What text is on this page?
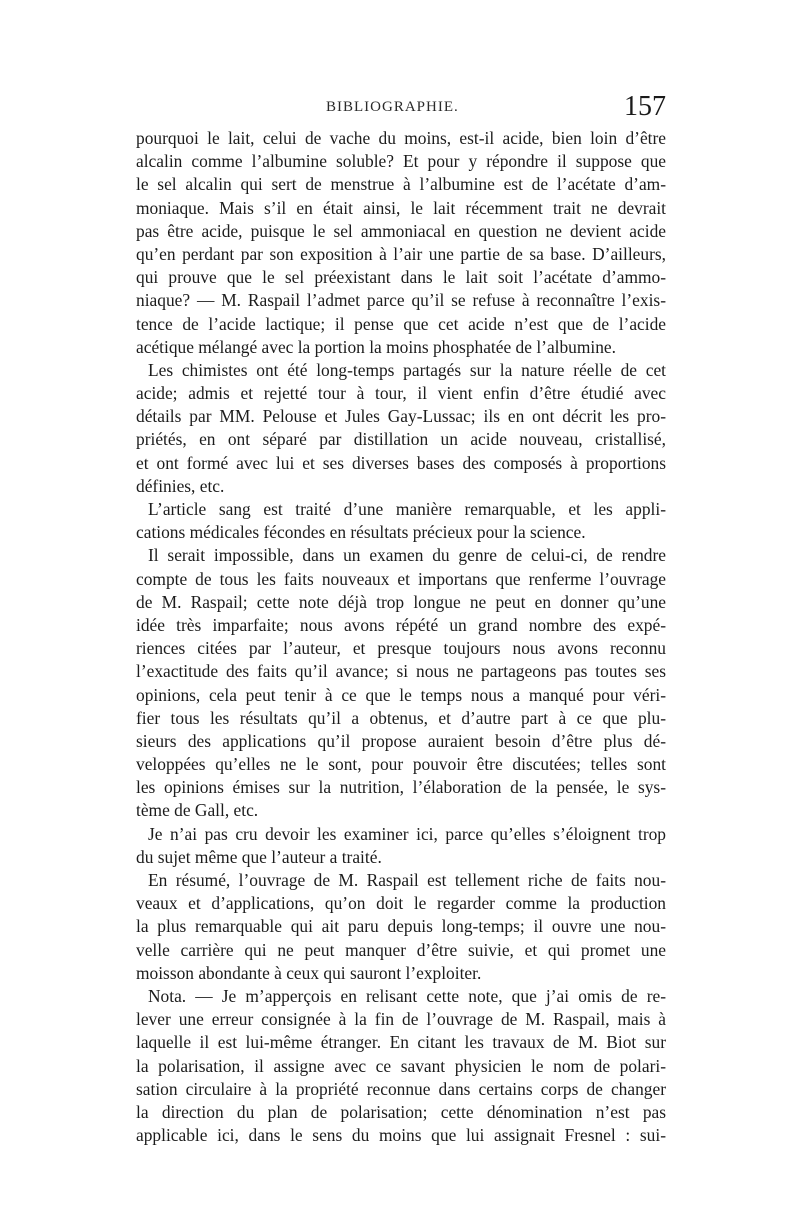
BIBLIOGRAPHIE.	157
pourquoi le lait, celui de vache du moins, est-il acide, bien loin d’être
alcalin comme l’albumine soluble? Et pour y répondre il suppose que
le sel alcalin qui sert de menstrue à l’albumine est de l’acétate d’am-
moniaque. Mais s’il en était ainsi, le lait récemment trait ne devrait
pas être acide, puisque le sel ammoniacal en question ne devient acide
qu’en perdant par son exposition à l’air une partie de sa base. D’ailleurs,
qui prouve que le sel préexistant dans le lait soit l’acétate d’ammo-
niaque? — M. Raspail l’admet parce qu’il se refuse à reconnaître l’exis-
tence de l’acide lactique; il pense que cet acide n’est que de l’acide
acétique mélangé avec la portion la moins phosphatée de l’albumine.
Les chimistes ont été long-temps partagés sur la nature réelle de cet
acide; admis et rejetté tour à tour, il vient enfin d’être étudié avec
détails par MM. Pelouse et Jules Gay-Lussac; ils en ont décrit les pro-
priétés, en ont séparé par distillation un acide nouveau, cristallisé,
et ont formé avec lui et ses diverses bases des composés à proportions
définies, etc.
L’article sang est traité d’une manière remarquable, et les appli-
cations médicales fécondes en résultats précieux pour la science.
Il serait impossible, dans un examen du genre de celui-ci, de rendre
compte de tous les faits nouveaux et importans que renferme l’ouvrage
de M. Raspail; cette note déjà trop longue ne peut en donner qu’une
idée très imparfaite; nous avons répété un grand nombre des expé-
riences citées par l’auteur, et presque toujours nous avons reconnu
l’exactitude des faits qu’il avance; si nous ne partageons pas toutes ses
opinions, cela peut tenir à ce que le temps nous a manqué pour véri-
fier tous les résultats qu’il a obtenus, et d’autre part à ce que plu-
sieurs des applications qu’il propose auraient besoin d’être plus dé-
veloppées qu’elles ne le sont, pour pouvoir être discutées; telles sont
les opinions émises sur la nutrition, l’élaboration de la pensée, le sys-
tème de Gall, etc.
Je n’ai pas cru devoir les examiner ici, parce qu’elles s’éloignent trop
du sujet même que l’auteur a traité.
En résumé, l’ouvrage de M. Raspail est tellement riche de faits nou-
veaux et d’applications, qu’on doit le regarder comme la production
la plus remarquable qui ait paru depuis long-temps; il ouvre une nou-
velle carrière qui ne peut manquer d’être suivie, et qui promet une
moisson abondante à ceux qui sauront l’exploiter.
Nota. — Je m’apperçois en relisant cette note, que j’ai omis de re-
lever une erreur consignée à la fin de l’ouvrage de M. Raspail, mais à
laquelle il est lui-même étranger. En citant les travaux de M. Biot sur
la polarisation, il assigne avec ce savant physicien le nom de polari-
sation circulaire à la propriété reconnue dans certains corps de changer
la direction du plan de polarisation; cette dénomination n’est pas
applicable ici, dans le sens du moins que lui assignait Fresnel : sui-
